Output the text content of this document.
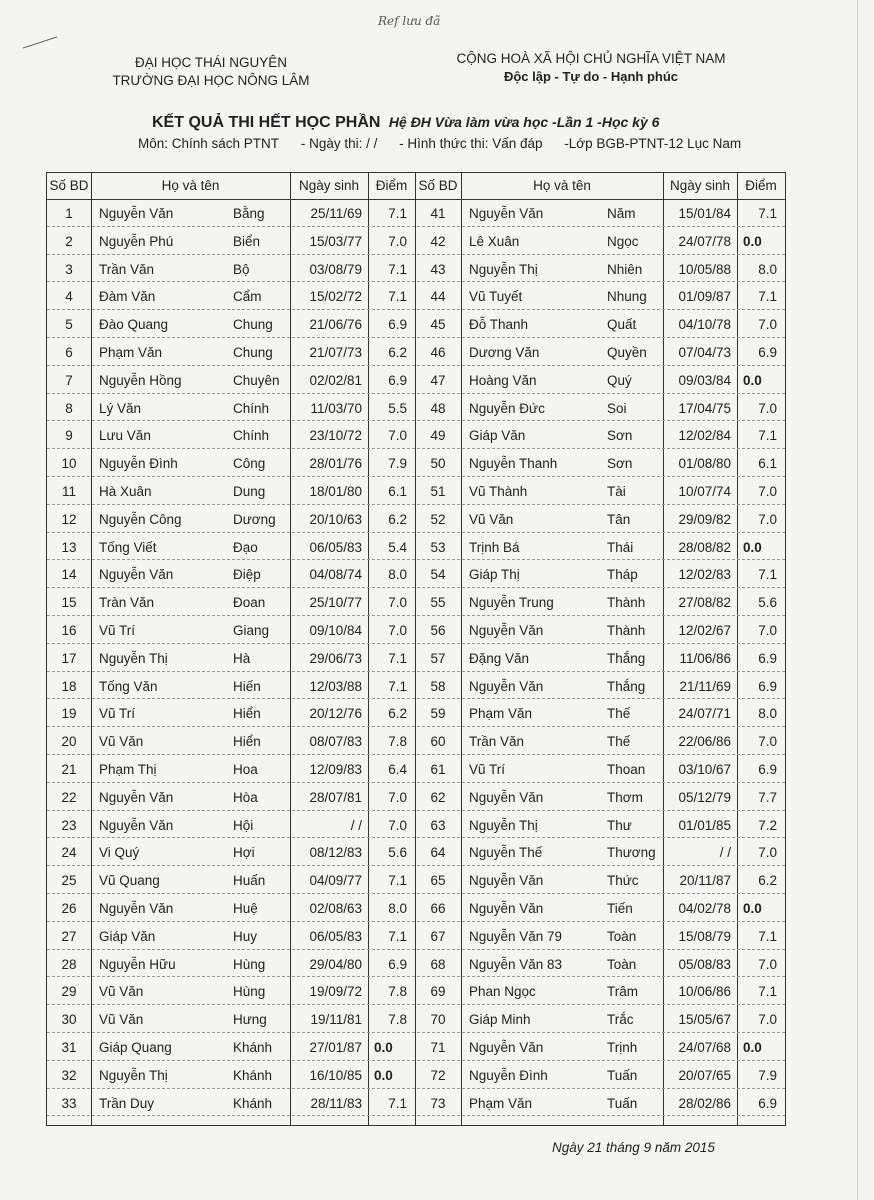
Ref lưu đã
ĐẠI HỌC THÁI NGUYÊN
TRƯỜNG ĐẠI HỌC NÔNG LÂM
CỘNG HOÀ XÃ HỘI CHỦ NGHĨA VIỆT NAM
Độc lập - Tự do - Hạnh phúc
KẾT QUẢ THI HẾT HỌC PHẦN Hệ ĐH Vừa làm vừa học -Lần 1 -Học kỳ 6
Môn: Chính sách PTNT - Ngày thi: / / - Hình thức thi: Vấn đáp -Lớp BGB-PTNT-12 Lục Nam
Số BD	Họ và tên	Ngày sinh	Điểm Số BD	Họ và tên	Ngày sinh	Điểm
1	Nguyễn Văn	Bằng	25/11/69	7.1	41	Nguyễn Văn	Năm	15/01/84	7.1
2	Nguyễn Phú	Biển	15/03/77	7.0	42	Lê Xuân	Ngọc	24/07/78 0.0
3	Trần Văn	Bộ	03/08/79	7.1	43	Nguyễn Thị	Nhiên	10/05/88	8.0
4	Đàm Văn	Cẩm	15/02/72	7.1	44	Vũ Tuyết	Nhung	01/09/87	7.1
5	Đào Quang	Chung	21/06/76	6.9	45	Đỗ Thanh	Quất	04/10/78	7.0
6	Phạm Văn	Chung	21/07/73	6.2	46	Dương Văn	Quyền	07/04/73	6.9
7	Nguyễn Hồng	Chuyên	02/02/81	6.9	47	Hoàng Văn	Quý	09/03/84 0.0
8	Lý Văn	Chính	11/03/70	5.5	48	Nguyễn Đức	Soi	17/04/75	7.0
9	Lưu Văn	Chính	23/10/72	7.0	49	Giáp Văn	Sơn	12/02/84	7.1
10	Nguyễn Đình	Công	28/01/76	7.9	50	Nguyễn Thanh	Sơn	01/08/80	6.1
11	Hà Xuân	Dung	18/01/80	6.1	51	Vũ Thành	Tài	10/07/74	7.0
12	Nguyễn Công	Dương	20/10/63	6.2	52	Vũ Văn	Tân	29/09/82	7.0
13	Tống Viết	Đạo	06/05/83	5.4	53	Trịnh Bá	Thái	28/08/82 0.0
14	Nguyễn Văn	Điệp	04/08/74	8.0	54	Giáp Thị	Tháp	12/02/83	7.1
15	Tràn Văn	Đoan	25/10/77	7.0	55	Nguyễn Trung	Thành	27/08/82	5.6
16	Vũ Trí	Giang	09/10/84	7.0	56	Nguyễn Văn	Thành	12/02/67	7.0
17	Nguyễn Thị	Hà	29/06/73	7.1	57	Đặng Văn	Thắng	11/06/86	6.9
18	Tống Văn	Hiến	12/03/88	7.1	58	Nguyễn Văn	Thắng	21/11/69	6.9
19	Vũ Trí	Hiển	20/12/76	6.2	59	Phạm Văn	Thế	24/07/71	8.0
20	Vũ Văn	Hiển	08/07/83	7.8	60	Trần Văn	Thế	22/06/86	7.0
21	Phạm Thị	Hoa	12/09/83	6.4	61	Vũ Trí	Thoan	03/10/67	6.9
22	Nguyễn Văn	Hòa	28/07/81	7.0	62	Nguyễn Văn	Thơm	05/12/79	7.7
23	Nguyễn Văn	Hội	/ /	7.0	63	Nguyễn Thị	Thư	01/01/85	7.2
24	Vi Quý	Hợi	08/12/83	5.6	64	Nguyễn Thế	Thương	/ /	7.0
25	Vũ Quang	Huấn	04/09/77	7.1	65	Nguyễn Văn	Thức	20/11/87	6.2
26	Nguyễn Văn	Huệ	02/08/63	8.0	66	Nguyễn Văn	Tiến	04/02/78 0.0
27	Giáp Văn	Huy	06/05/83	7.1	67	Nguyễn Văn 79	Toàn	15/08/79	7.1
28	Nguyễn Hữu	Hùng	29/04/80	6.9	68	Nguyễn Văn 83	Toàn	05/08/83	7.0
29	Vũ Văn	Hùng	19/09/72	7.8	69	Phan Ngọc	Trâm	10/06/86	7.1
30	Vũ Văn	Hưng	19/11/81	7.8	70	Giáp Minh	Trắc	15/05/67	7.0
31	Giáp Quang	Khánh	27/01/87 0.0	71	Nguyễn Văn	Trịnh	24/07/68 0.0
32	Nguyễn Thị	Khánh	16/10/85 0.0	72	Nguyễn Đình	Tuấn	20/07/65	7.9
33	Trần Duy	Khánh	28/11/83	7.1	73	Phạm Văn	Tuấn	28/02/86	6.9
Ngày 21 tháng 9 năm 2015
